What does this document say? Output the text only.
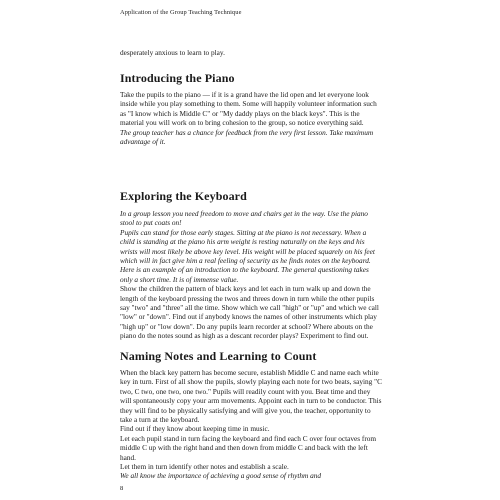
Application of the Group Teaching Technique

desperately anxious to learn to play.

Introducing the Piano

Take the pupils to the piano — if it is a grand have the lid open and let everyone look inside while you play something to them. Some will happily volunteer information such as "I know which is Middle C" or "My daddy plays on the black keys". This is the material you will work on to bring cohesion to the group, so notice everything said.

The group teacher has a chance for feedback from the very first lesson. Take maximum advantage of it.

Exploring the Keyboard

In a group lesson you need freedom to move and chairs get in the way. Use the piano stool to put coats on!

Pupils can stand for those early stages. Sitting at the piano is not necessary. When a child is standing at the piano his arm weight is resting naturally on the keys and his wrists will most likely be above key level. His weight will be placed squarely on his feet which will in fact give him a real feeling of security as he finds notes on the keyboard.

Here is an example of an introduction to the keyboard. The general questioning takes only a short time. It is of immense value.

Show the children the pattern of black keys and let each in turn walk up and down the length of the keyboard pressing the twos and threes down in turn while the other pupils say "two" and "three" all the time. Show which we call "high" or "up" and which we call "low" or "down". Find out if anybody knows the names of other instruments which play "high up" or "low down". Do any pupils learn recorder at school? Where abouts on the piano do the notes sound as high as a descant recorder plays? Experiment to find out.

Naming Notes and Learning to Count

When the black key pattern has become secure, establish Middle C and name each white key in turn. First of all show the pupils, slowly playing each note for two beats, saying "C two, C two, one two, one two." Pupils will readily count with you. Beat time and they will spontaneously copy your arm movements. Appoint each in turn to be conductor. This they will find to be physically satisfying and will give you, the teacher, opportunity to take a turn at the keyboard.

Find out if they know about keeping time in music.

Let each pupil stand in turn facing the keyboard and find each C over four octaves from middle C up with the right hand and then down from middle C and back with the left hand.

Let them in turn identify other notes and establish a scale.

We all know the importance of achieving a good sense of rhythm and

8
